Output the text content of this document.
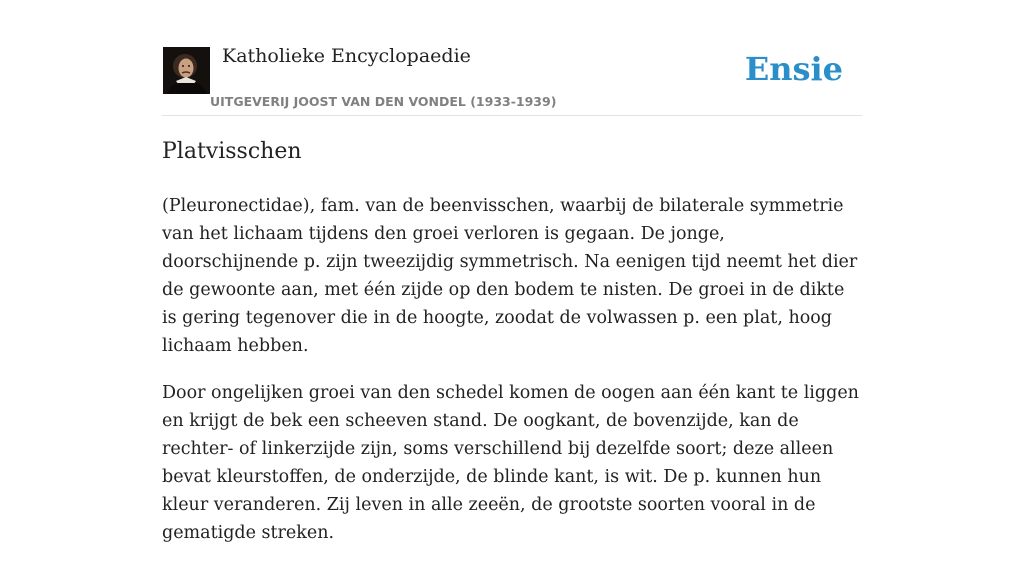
Katholieke Encyclopaedie
UITGEVERIJ JOOST VAN DEN VONDEL (1933-1939)
Ensie
Platvisschen

(Pleuronectidae), fam. van de beenvisschen, waarbij de bilaterale symmetrie van het lichaam tijdens den groei verloren is gegaan. De jonge, doorschijnende p. zijn tweezijdig symmetrisch. Na eenigen tijd neemt het dier de gewoonte aan, met één zijde op den bodem te nisten. De groei in de dikte is gering tegenover die in de hoogte, zoodat de volwassen p. een plat, hoog lichaam hebben.

Door ongelijken groei van den schedel komen de oogen aan één kant te liggen en krijgt de bek een scheeven stand. De oogkant, de bovenzijde, kan de rechter- of linkerzijde zijn, soms verschillend bij dezelfde soort; deze alleen bevat kleurstoffen, de onderzijde, de blinde kant, is wit. De p. kunnen hun kleur veranderen. Zij leven in alle zeeën, de grootste soorten vooral in de gematigde streken.
